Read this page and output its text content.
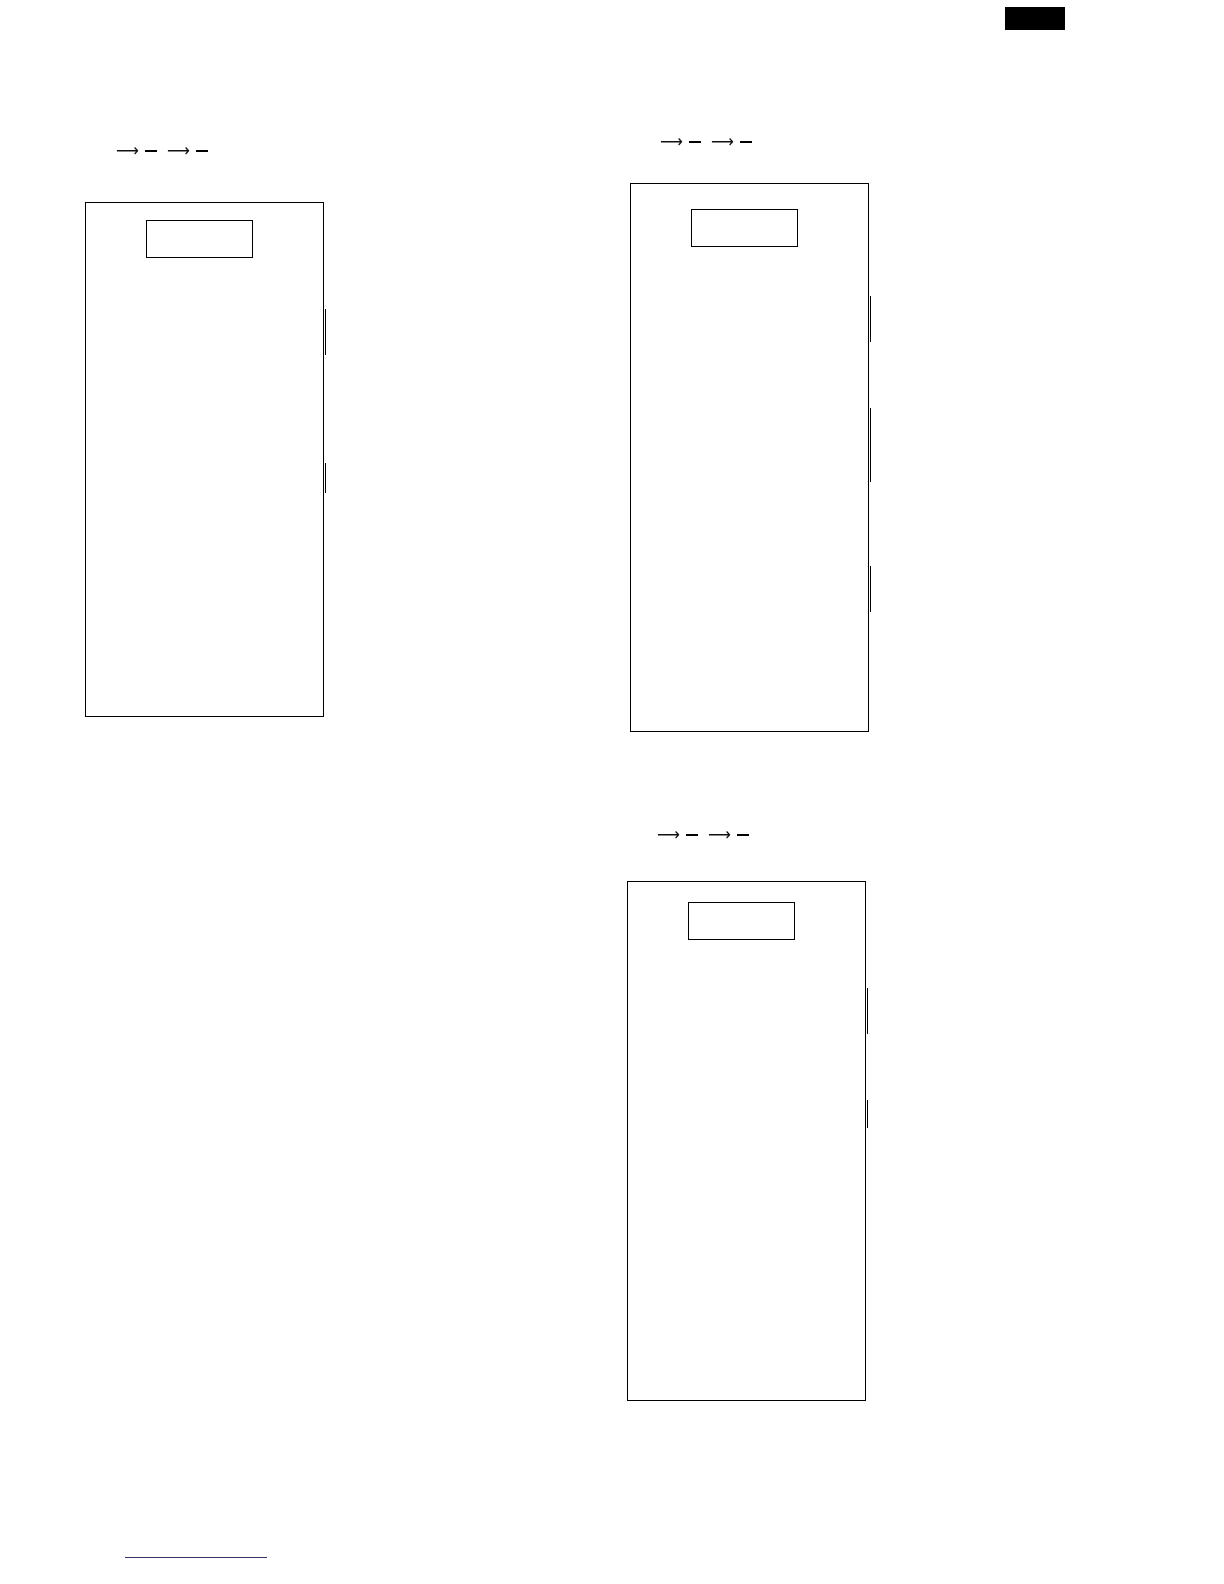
⟶ ⟶
⟶ ⟶
⟶ ⟶
